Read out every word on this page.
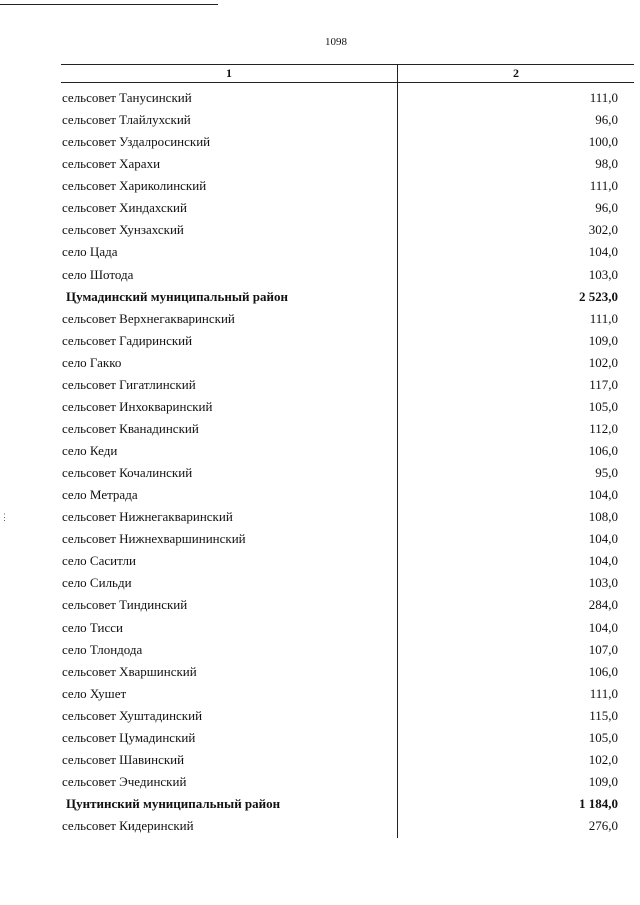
1098
1	2
сельсовет Танусинский	111,0
сельсовет Тлайлухский	96,0
сельсовет Уздалросинский	100,0
сельсовет Харахи	98,0
сельсовет Хариколинский	111,0
сельсовет Хиндахский	96,0
сельсовет Хунзахский	302,0
село Цада	104,0
село Шотода	103,0
Цумадинский муниципальный район	2 523,0
сельсовет Верхнегакваринский	111,0
сельсовет Гадиринский	109,0
село Гакко	102,0
сельсовет Гигатлинский	117,0
сельсовет Инхокваринский	105,0
сельсовет Кванадинский	112,0
село Кеди	106,0
сельсовет Кочалинский	95,0
село Метрада	104,0
сельсовет Нижнегакваринский	108,0
сельсовет Нижнехваршининский	104,0
село Саситли	104,0
село Сильди	103,0
сельсовет Тиндинский	284,0
село Тисси	104,0
село Тлондода	107,0
сельсовет Хваршинский	106,0
село Хушет	111,0
сельсовет Хуштадинский	115,0
сельсовет Цумадинский	105,0
сельсовет Шавинский	102,0
сельсовет Эчединский	109,0
Цунтинский муниципальный район	1 184,0
сельсовет Кидеринский	276,0
⋮
